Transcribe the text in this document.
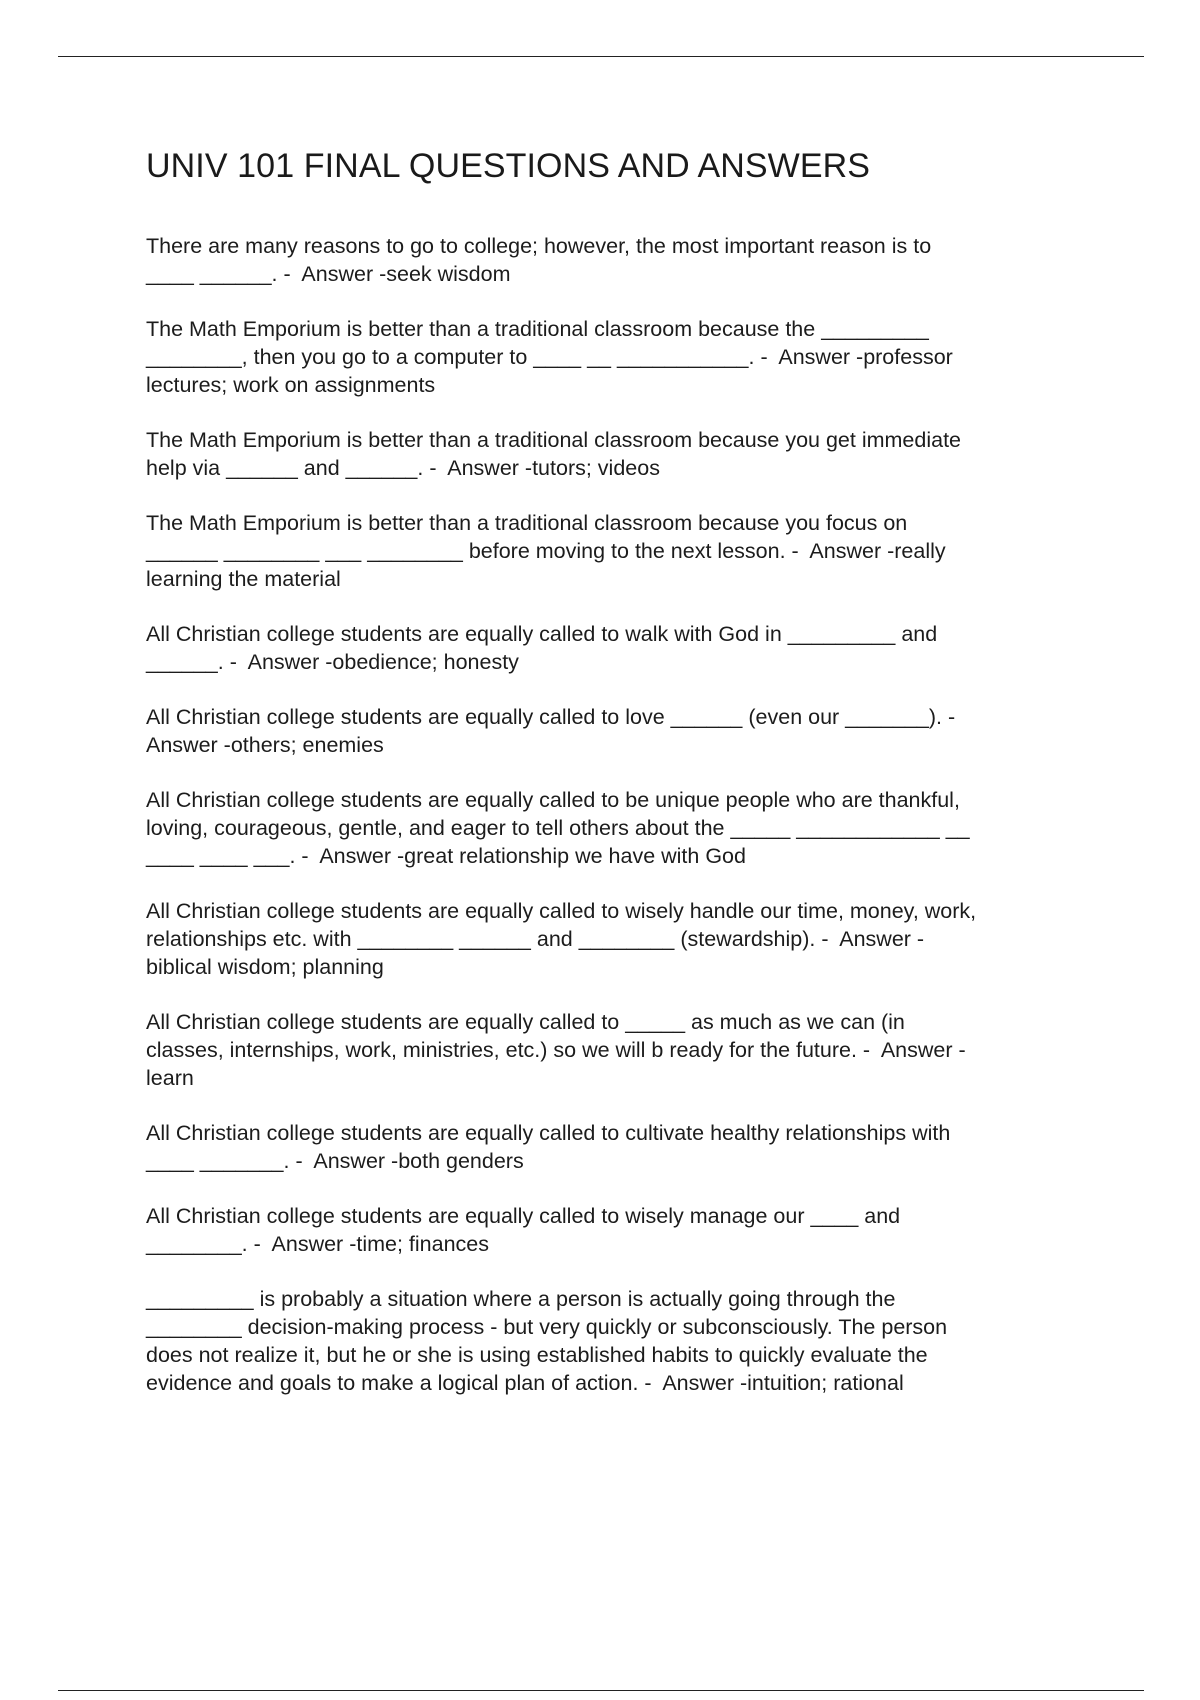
UNIV 101 FINAL QUESTIONS AND ANSWERS

There are many reasons to go to college; however, the most important reason is to
____ ______. -  Answer -seek wisdom

The Math Emporium is better than a traditional classroom because the _________
________, then you go to a computer to ____ __ ___________. -  Answer -professor
lectures; work on assignments

The Math Emporium is better than a traditional classroom because you get immediate
help via ______ and ______. -  Answer -tutors; videos

The Math Emporium is better than a traditional classroom because you focus on
______ ________ ___ ________ before moving to the next lesson. -  Answer -really
learning the material

All Christian college students are equally called to walk with God in _________ and
______. -  Answer -obedience; honesty

All Christian college students are equally called to love ______ (even our _______). -
Answer -others; enemies

All Christian college students are equally called to be unique people who are thankful,
loving, courageous, gentle, and eager to tell others about the _____ ____________ __
____ ____ ___. -  Answer -great relationship we have with God

All Christian college students are equally called to wisely handle our time, money, work,
relationships etc. with ________ ______ and ________ (stewardship). -  Answer -
biblical wisdom; planning

All Christian college students are equally called to _____ as much as we can (in
classes, internships, work, ministries, etc.) so we will b ready for the future. -  Answer -
learn

All Christian college students are equally called to cultivate healthy relationships with
____ _______. -  Answer -both genders

All Christian college students are equally called to wisely manage our ____ and
________. -  Answer -time; finances

_________ is probably a situation where a person is actually going through the
________ decision-making process - but very quickly or subconsciously. The person
does not realize it, but he or she is using established habits to quickly evaluate the
evidence and goals to make a logical plan of action. -  Answer -intuition; rational
